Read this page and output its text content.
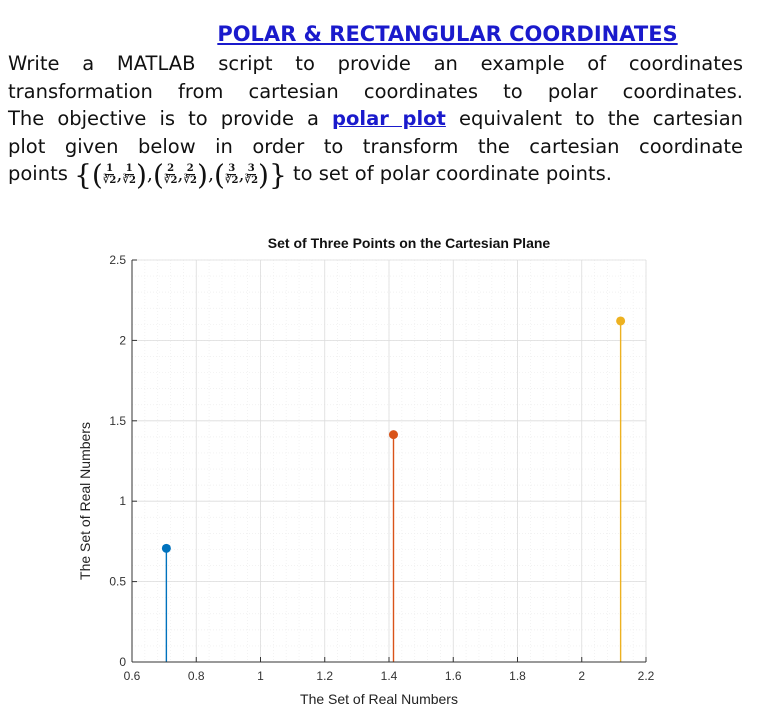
POLAR & RECTANGULAR COORDINATES
Write a MATLAB script to provide an example of coordinates
transformation from cartesian coordinates to polar coordinates.
The objective is to provide a polar plot equivalent to the cartesian
plot given below in order to transform the cartesian coordinate
points {( $\frac{1}{∛2}$ , $\frac{1}{∛2}$ ),( $\frac{2}{∛2}$ , $\frac{2}{∛2}$ ),( $\frac{3}{∛2}$ , $\frac{3}{∛2}$ )} to set of polar coordinate points.
0.6	0.8	1	1.2	1.4	1.6	1.8	2	2.2
0
0.5
1
1.5
2
2.5
Set of Three Points on the Cartesian Plane
The Set of Real Numbers
The Set of Real Numbers
